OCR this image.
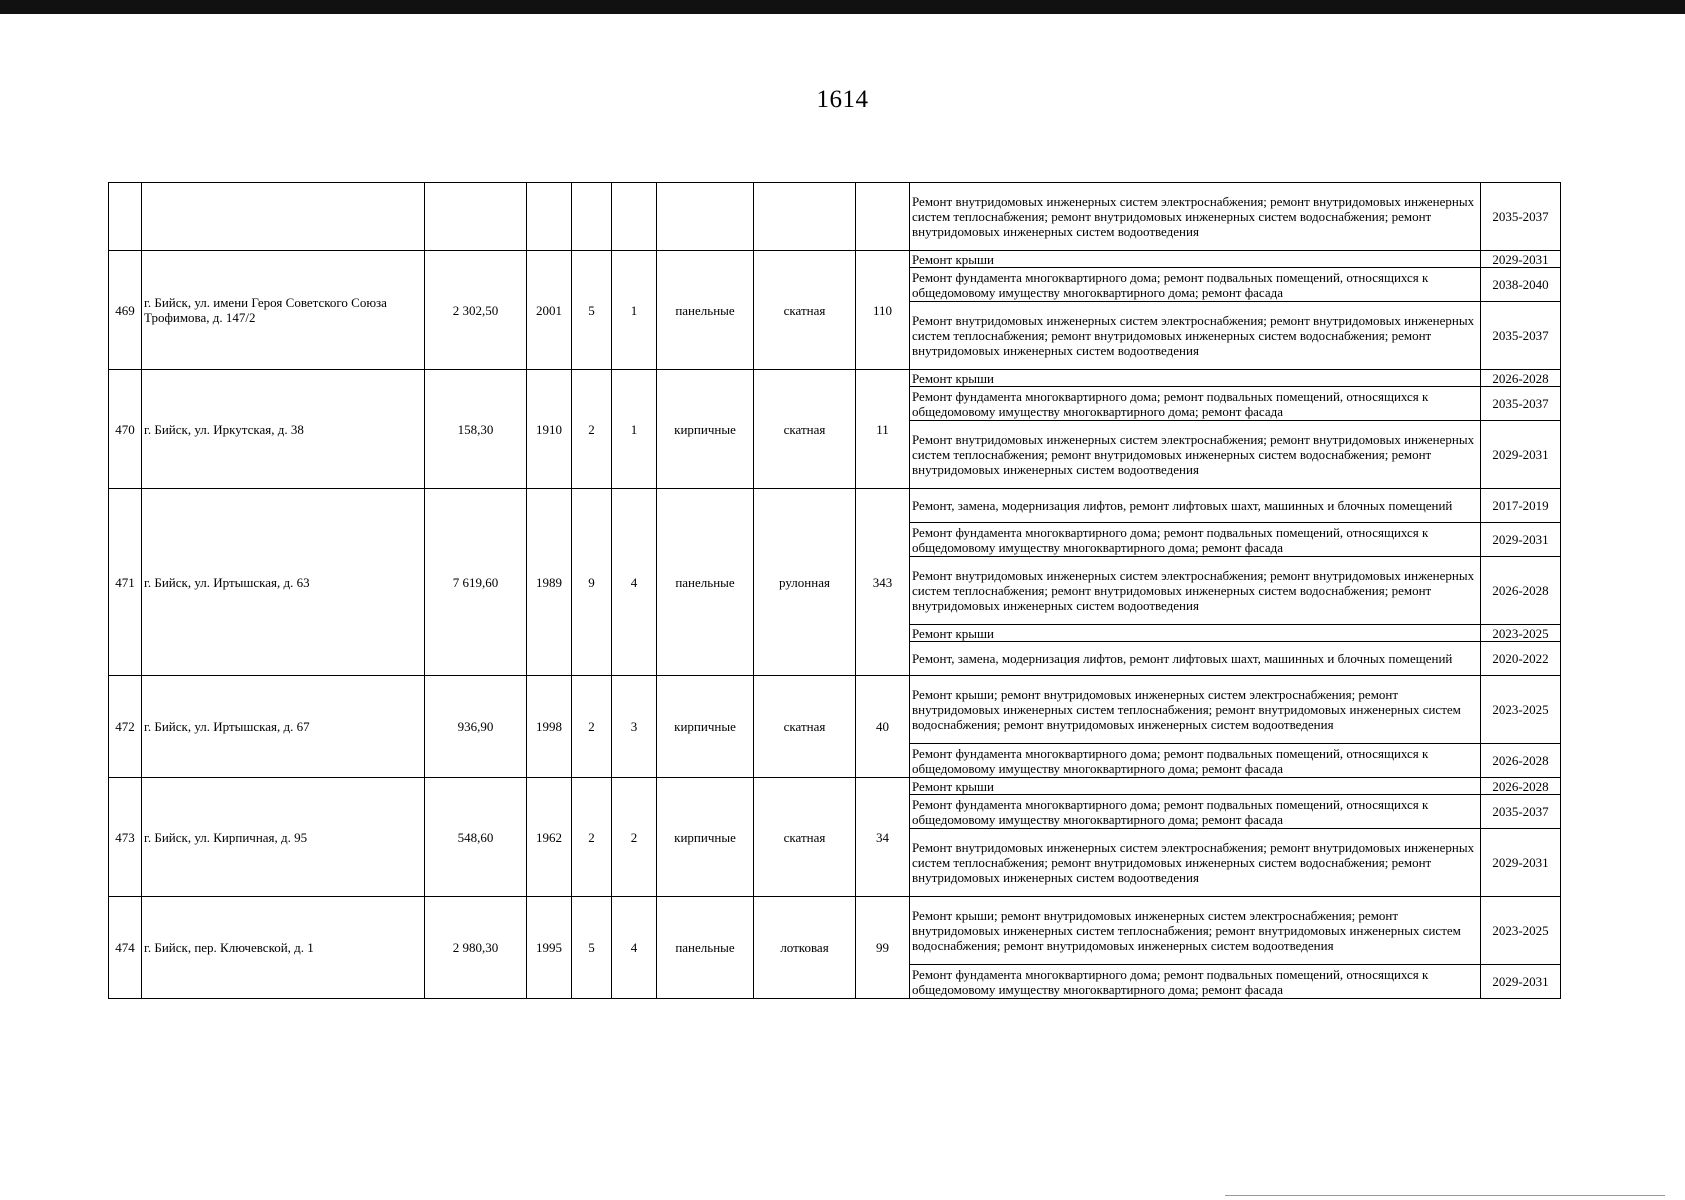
1614
									Ремонт внутридомовых инженерных систем электроснабжения; ремонт внутридомовых инженерных систем теплоснабжения; ремонт внутридомовых инженерных систем водоснабжения; ремонт внутридомовых инженерных систем водоотведения	2035-2037
469	г. Бийск, ул. имени Героя Советского Союза Трофимова, д. 147/2	2 302,50	2001	5	1	панельные	скатная	110	Ремонт крыши	2029-2031
									Ремонт фундамента многоквартирного дома; ремонт подвальных помещений, относящихся к общедомовому имуществу многоквартирного дома; ремонт фасада	2038-2040
									Ремонт внутридомовых инженерных систем электроснабжения; ремонт внутридомовых инженерных систем теплоснабжения; ремонт внутридомовых инженерных систем водоснабжения; ремонт внутридомовых инженерных систем водоотведения	2035-2037
470	г. Бийск, ул. Иркутская, д. 38	158,30	1910	2	1	кирпичные	скатная	11	Ремонт крыши	2026-2028
									Ремонт фундамента многоквартирного дома; ремонт подвальных помещений, относящихся к общедомовому имуществу многоквартирного дома; ремонт фасада	2035-2037
									Ремонт внутридомовых инженерных систем электроснабжения; ремонт внутридомовых инженерных систем теплоснабжения; ремонт внутридомовых инженерных систем водоснабжения; ремонт внутридомовых инженерных систем водоотведения	2029-2031
471	г. Бийск, ул. Иртышская, д. 63	7 619,60	1989	9	4	панельные	рулонная	343	Ремонт, замена, модернизация лифтов, ремонт лифтовых шахт, машинных и блочных помещений	2017-2019
									Ремонт фундамента многоквартирного дома; ремонт подвальных помещений, относящихся к общедомовому имуществу многоквартирного дома; ремонт фасада	2029-2031
									Ремонт внутридомовых инженерных систем электроснабжения; ремонт внутридомовых инженерных систем теплоснабжения; ремонт внутридомовых инженерных систем водоснабжения; ремонт внутридомовых инженерных систем водоотведения	2026-2028
									Ремонт крыши	2023-2025
									Ремонт, замена, модернизация лифтов, ремонт лифтовых шахт, машинных и блочных помещений	2020-2022
472	г. Бийск, ул. Иртышская, д. 67	936,90	1998	2	3	кирпичные	скатная	40	Ремонт крыши; ремонт внутридомовых инженерных систем электроснабжения; ремонт внутридомовых инженерных систем теплоснабжения; ремонт внутридомовых инженерных систем водоснабжения; ремонт внутридомовых инженерных систем водоотведения	2023-2025
									Ремонт фундамента многоквартирного дома; ремонт подвальных помещений, относящихся к общедомовому имуществу многоквартирного дома; ремонт фасада	2026-2028
473	г. Бийск, ул. Кирпичная, д. 95	548,60	1962	2	2	кирпичные	скатная	34	Ремонт крыши	2026-2028
									Ремонт фундамента многоквартирного дома; ремонт подвальных помещений, относящихся к общедомовому имуществу многоквартирного дома; ремонт фасада	2035-2037
									Ремонт внутридомовых инженерных систем электроснабжения; ремонт внутридомовых инженерных систем теплоснабжения; ремонт внутридомовых инженерных систем водоснабжения; ремонт внутридомовых инженерных систем водоотведения	2029-2031
474	г. Бийск, пер. Ключевской, д. 1	2 980,30	1995	5	4	панельные	лотковая	99	Ремонт крыши; ремонт внутридомовых инженерных систем электроснабжения; ремонт внутридомовых инженерных систем теплоснабжения; ремонт внутридомовых инженерных систем водоснабжения; ремонт внутридомовых инженерных систем водоотведения	2023-2025
									Ремонт фундамента многоквартирного дома; ремонт подвальных помещений, относящихся к общедомовому имуществу многоквартирного дома; ремонт фасада	2029-2031
